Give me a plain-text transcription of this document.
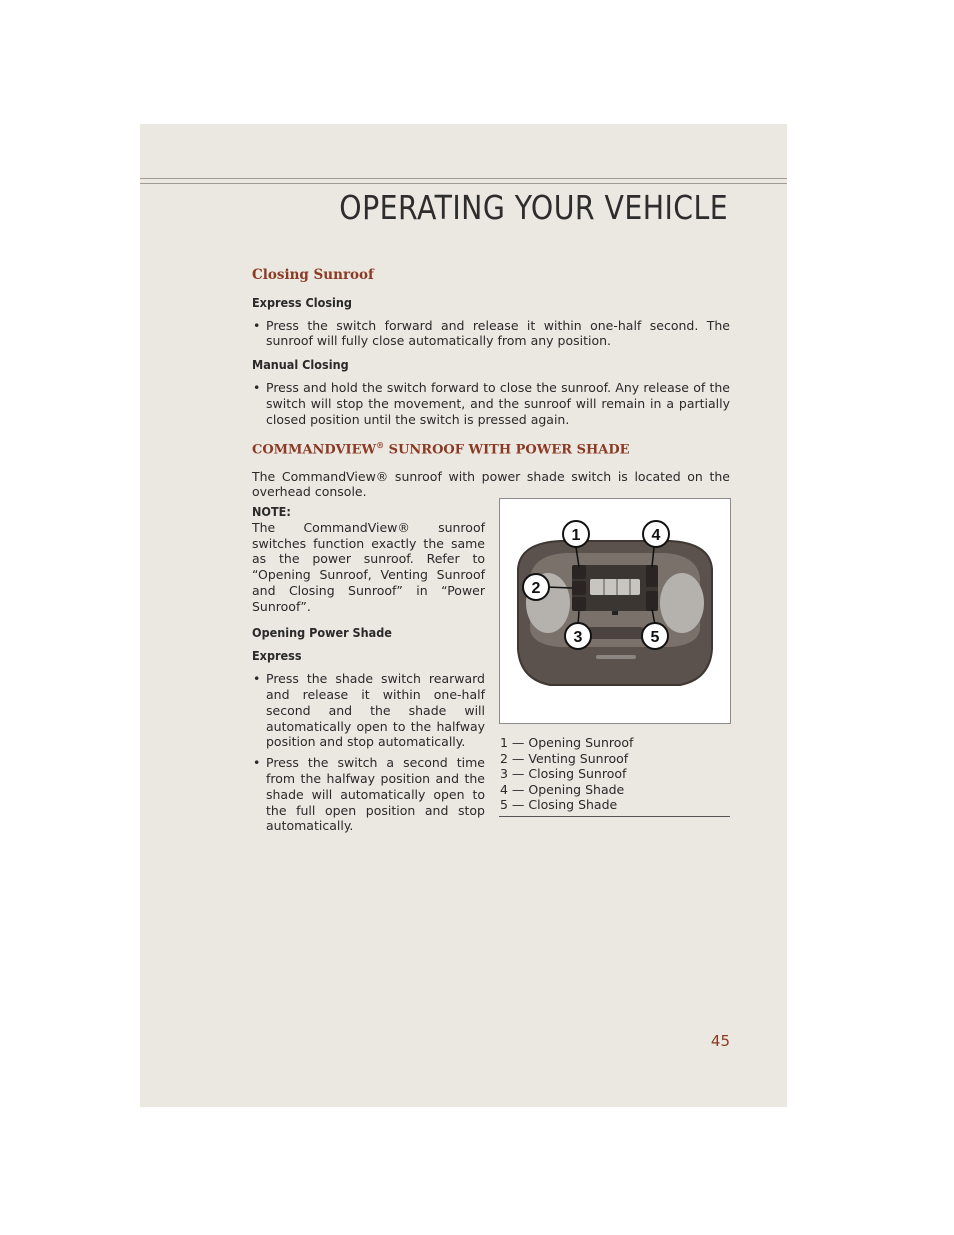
OPERATING YOUR VEHICLE
Closing Sunroof
Express Closing
• Press the switch forward and release it within one-half second. The sunroof will fully close automatically from any position.
Manual Closing
• Press and hold the switch forward to close the sunroof. Any release of the switch will stop the movement, and the sunroof will remain in a partially closed position until the switch is pressed again.
COMMANDVIEW® SUNROOF WITH POWER SHADE
The CommandView® sunroof with power shade switch is located on the overhead console.
NOTE:
The CommandView® sunroof switches function exactly the same as the power sunroof. Refer to “Opening Sunroof, Venting Sunroof and Closing Sunroof” in “Power Sunroof”.
Opening Power Shade
Express
• Press the shade switch rearward and release it within one-half second and the shade will automatically open to the halfway position and stop automatically.
• Press the switch a second time from the halfway position and the shade will automatically open to the full open position and stop automatically.
1
2
3
4
5
1 — Opening Sunroof
2 — Venting Sunroof
3 — Closing Sunroof
4 — Opening Shade
5 — Closing Shade
45
